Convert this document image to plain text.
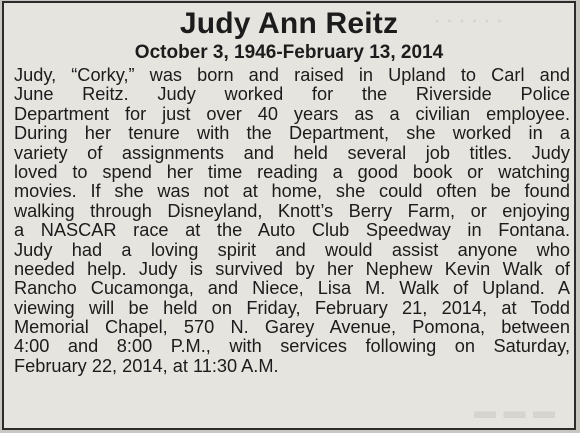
· · · · · ·
▬ ▬ ▬
Judy Ann Reitz
October 3, 1946-February 13, 2014
Judy, “Corky,” was born and raised in Upland to Carl and
June Reitz. Judy worked for the Riverside Police
Department for just over 40 years as a civilian employee.
During her tenure with the Department, she worked in a
variety of assignments and held several job titles. Judy
loved to spend her time reading a good book or watching
movies. If she was not at home, she could often be found
walking through Disneyland, Knott’s Berry Farm, or enjoying
a NASCAR race at the Auto Club Speedway in Fontana.
Judy had a loving spirit and would assist anyone who
needed help. Judy is survived by her Nephew Kevin Walk of
Rancho Cucamonga, and Niece, Lisa M. Walk of Upland. A
viewing will be held on Friday, February 21, 2014, at Todd
Memorial Chapel, 570 N. Garey Avenue, Pomona, between
4:00 and 8:00 P.M., with services following on Saturday,
February 22, 2014, at 11:30 A.M.
